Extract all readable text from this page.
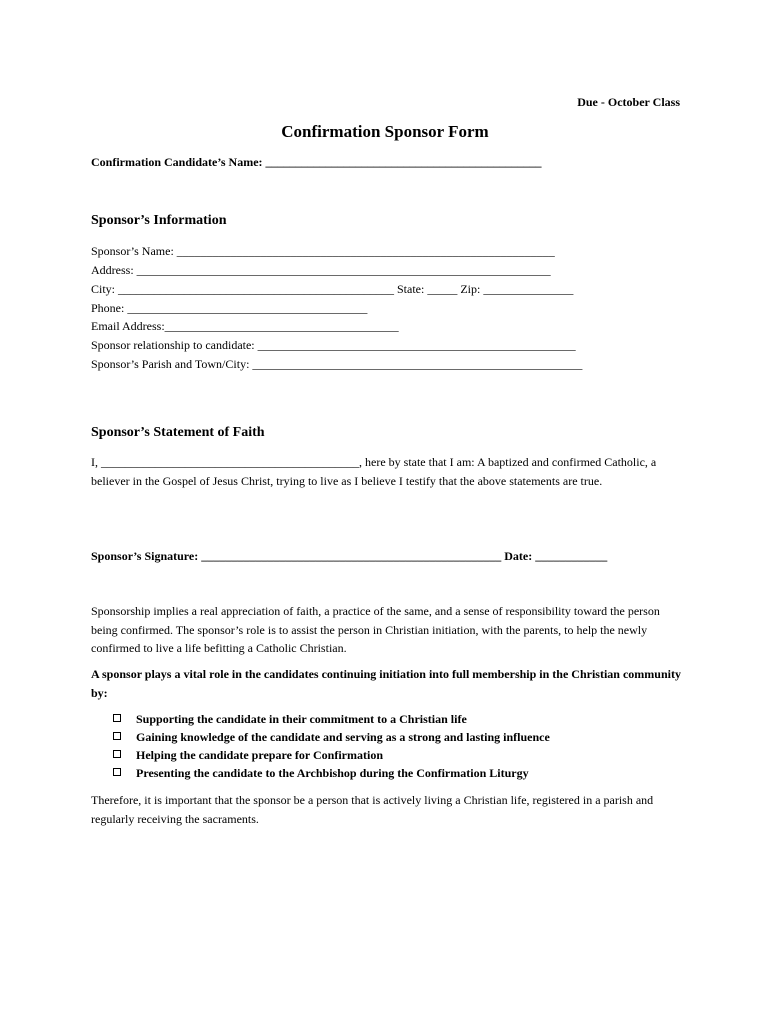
Due - October Class
Confirmation Sponsor Form
Confirmation Candidate’s Name: ______________________________________________
Sponsor’s Information
Sponsor’s Name: _______________________________________________________________
Address: _____________________________________________________________________
City: ______________________________________________ State: _____ Zip: _______________
Phone: ________________________________________
Email Address:_______________________________________
Sponsor relationship to candidate: _____________________________________________________
Sponsor’s Parish and Town/City: _______________________________________________________
Sponsor’s Statement of Faith
I, ___________________________________________, here by state that I am: A baptized and confirmed Catholic, a believer in the Gospel of Jesus Christ, trying to live as I believe I testify that the above statements are true.
Sponsor’s Signature: __________________________________________________ Date: ____________
Sponsorship implies a real appreciation of faith, a practice of the same, and a sense of responsibility toward the person being confirmed. The sponsor’s role is to assist the person in Christian initiation, with the parents, to help the newly confirmed to live a life befitting a Catholic Christian.
A sponsor plays a vital role in the candidates continuing initiation into full membership in the Christian community by:
Supporting the candidate in their commitment to a Christian life
Gaining knowledge of the candidate and serving as a strong and lasting influence
Helping the candidate prepare for Confirmation
Presenting the candidate to the Archbishop during the Confirmation Liturgy
Therefore, it is important that the sponsor be a person that is actively living a Christian life, registered in a parish and regularly receiving the sacraments.
